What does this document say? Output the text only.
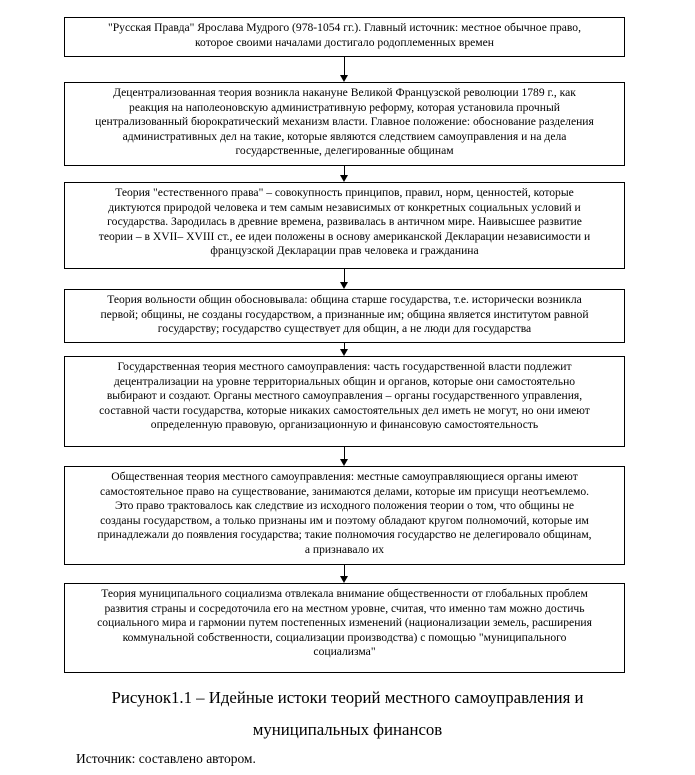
"Русская Правда" Ярослава Мудрого (978-1054 гг.). Главный источник: местное обычное право,
которое своими началами достигало родоплеменных времен
Децентрализованная теория возникла накануне Великой Французской революции 1789 г., как
реакция на наполеоновскую административную реформу, которая установила прочный
централизованный бюрократический механизм власти. Главное положение: обоснование разделения
административных дел на такие, которые являются следствием самоуправления и на дела
государственные, делегированные общинам
Теория "естественного права" – совокупность принципов, правил, норм, ценностей, которые
диктуются природой человека и тем самым независимых от конкретных социальных условий и
государства. Зародилась в древние времена, развивалась в античном мире. Наивысшее развитие
теории – в XVII– XVIII ст., ее идеи положены в основу американской Декларации независимости и
французской Декларации прав человека и гражданина
Теория вольности общин обосновывала: община старше государства, т.е. исторически возникла
первой; общины, не созданы государством, а признанные им; община является институтом равной
государству; государство существует для общин, а не люди для государства
Государственная теория местного самоуправления: часть государственной власти подлежит
децентрализации на уровне территориальных общин и органов, которые они самостоятельно
выбирают и создают. Органы местного самоуправления – органы государственного управления,
составной части государства, которые никаких самостоятельных дел иметь не могут, но они имеют
определенную правовую, организационную и финансовую самостоятельность
Общественная теория местного самоуправления: местные самоуправляющиеся органы имеют
самостоятельное право на существование, занимаются делами, которые им присущи неотъемлемо.
Это право трактовалось как следствие из исходного положения теории о том, что общины не
созданы государством, а только признаны им и поэтому обладают кругом полномочий, которые им
принадлежали до появления государства; такие полномочия государство не делегировало общинам,
а признавало их
Теория муниципального социализма отвлекала внимание общественности от глобальных проблем
развития страны и сосредоточила его на местном уровне, считая, что именно там можно достичь
социального мира и гармонии путем постепенных изменений (национализации земель, расширения
коммунальной собственности, социализации производства) с помощью "муниципального
социализма"
Рисунок1.1 – Идейные истоки теорий местного самоуправления и
муниципальных финансов
Источник: составлено автором.
